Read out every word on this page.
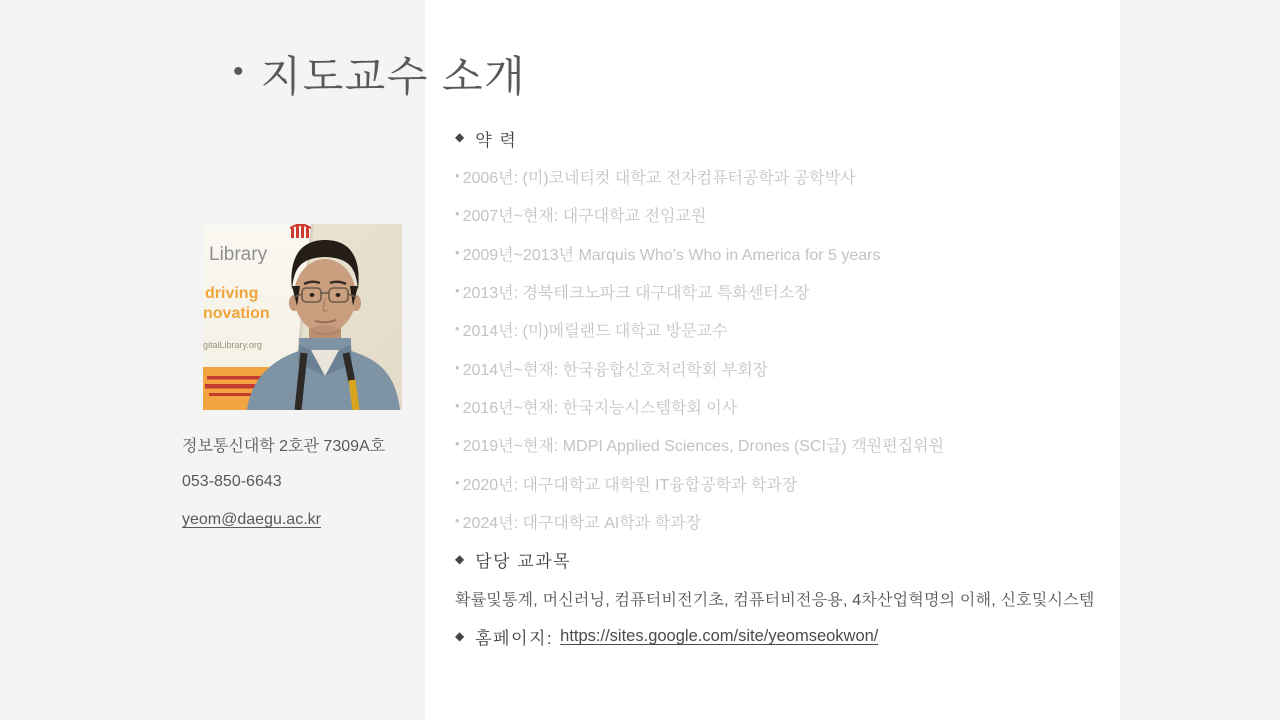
• 지도교수 소개
Library
driving
novation
gitalLibrary.org
정보통신대학 2호관 7309A호
053-850-6643
yeom@daegu.ac.kr
◆ 약 력
• 2006년: (미)코네티컷 대학교 전자컴퓨터공학과 공학박사
• 2007년~현재: 대구대학교 전임교원
• 2009년~2013년 Marquis Who’s Who in America for 5 years
• 2013년: 경북테크노파크 대구대학교 특화센터소장
• 2014년: (미)메릴랜드 대학교 방문교수
• 2014년~현재: 한국융합신호처리학회 부회장
• 2016년~현재: 한국지능시스템학회 이사
• 2019년~현재: MDPI Applied Sciences, Drones (SCI급) 객원편집위원
• 2020년: 대구대학교 대학원 IT융합공학과 학과장
• 2024년: 대구대학교 AI학과 학과장
◆ 담당 교과목
확률및통계, 머신러닝, 컴퓨터비전기초, 컴퓨터비전응용, 4차산업혁명의 이해, 신호및시스템
◆ 홈페이지: https://sites.google.com/site/yeomseokwon/
